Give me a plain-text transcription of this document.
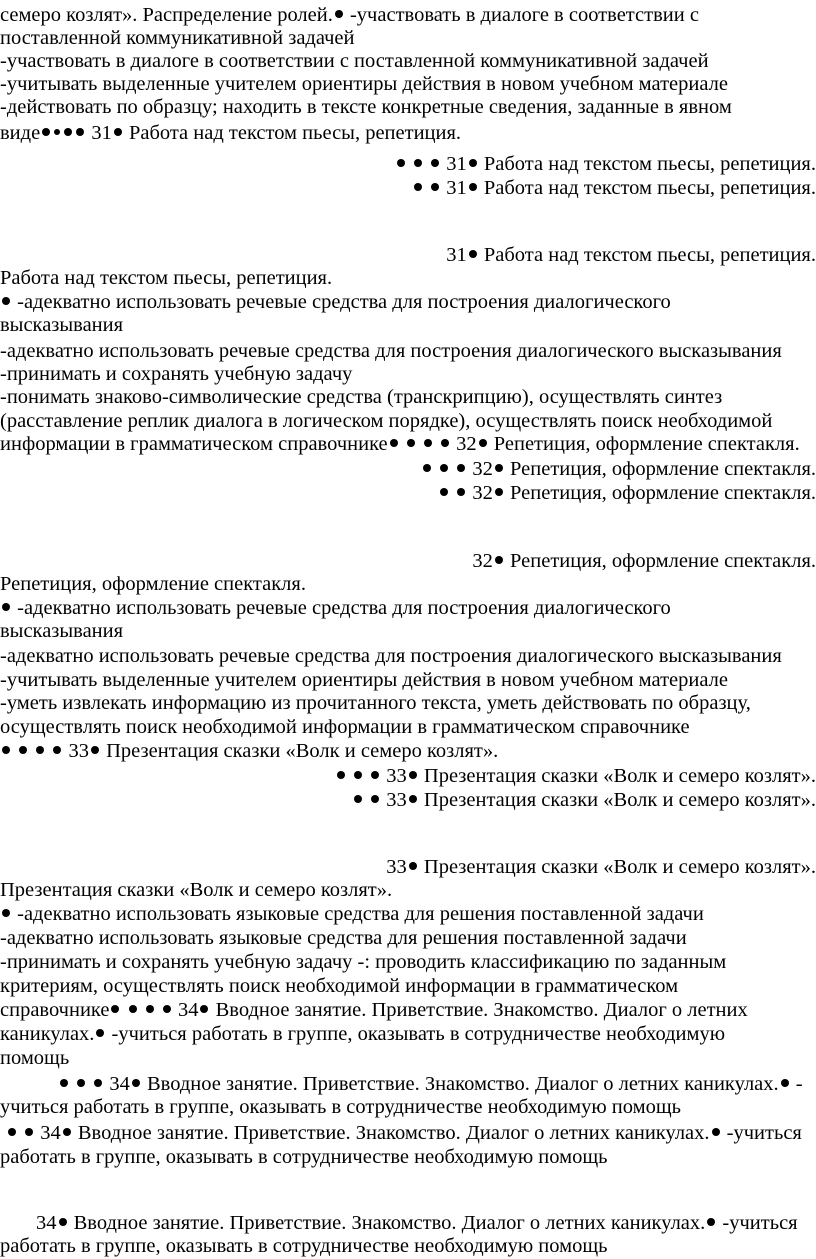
семеро козлят». Распределение ролей. -участвовать в диалоге в соответствии с
поставленной коммуникативной задачей
-участвовать в диалоге в соответствии с поставленной коммуникативной задачей
-учитывать выделенные учителем ориентиры действия в новом учебном материале
-действовать по образцу; находить в тексте конкретные сведения, заданные в явном
виде 31 Работа над текстом пьесы, репетиция.
31 Работа над текстом пьесы, репетиция.
31 Работа над текстом пьесы, репетиция.
31 Работа над текстом пьесы, репетиция.
Работа над текстом пьесы, репетиция.
-адекватно использовать речевые средства для построения диалогического
высказывания
-адекватно использовать речевые средства для построения диалогического высказывания
-принимать и сохранять учебную задачу
-понимать знаково-символические средства (транскрипцию), осуществлять синтез
(расставление реплик диалога в логическом порядке), осуществлять поиск необходимой
информации в грамматическом справочнике	32 Репетиция, оформление спектакля.
32 Репетиция, оформление спектакля.
32 Репетиция, оформление спектакля.
32 Репетиция, оформление спектакля.
Репетиция, оформление спектакля.
-адекватно использовать речевые средства для построения диалогического
высказывания
-адекватно использовать речевые средства для построения диалогического высказывания
-учитывать выделенные учителем ориентиры действия в новом учебном материале
-уметь извлекать информацию из прочитанного текста, уметь действовать по образцу,
осуществлять поиск необходимой информации в грамматическом справочнике
33 Презентация сказки «Волк и семеро козлят».
33 Презентация сказки «Волк и семеро козлят».
33 Презентация сказки «Волк и семеро козлят».
33 Презентация сказки «Волк и семеро козлят».
Презентация сказки «Волк и семеро козлят».
-адекватно использовать языковые средства для решения поставленной задачи
-адекватно использовать языковые средства для решения поставленной задачи
-принимать и сохранять учебную задачу -: проводить классификацию по заданным
критериям, осуществлять поиск необходимой информации в грамматическом
справочнике	34 Вводное занятие. Приветствие. Знакомство. Диалог о летних
каникулах. -учиться работать в группе, оказывать в сотрудничестве необходимую
помощь
34 Вводное занятие. Приветствие. Знакомство. Диалог о летних каникулах. -
учиться работать в группе, оказывать в сотрудничестве необходимую помощь
34 Вводное занятие. Приветствие. Знакомство. Диалог о летних каникулах. -учиться
работать в группе, оказывать в сотрудничестве необходимую помощь
34 Вводное занятие. Приветствие. Знакомство. Диалог о летних каникулах. -учиться
работать в группе, оказывать в сотрудничестве необходимую помощь
